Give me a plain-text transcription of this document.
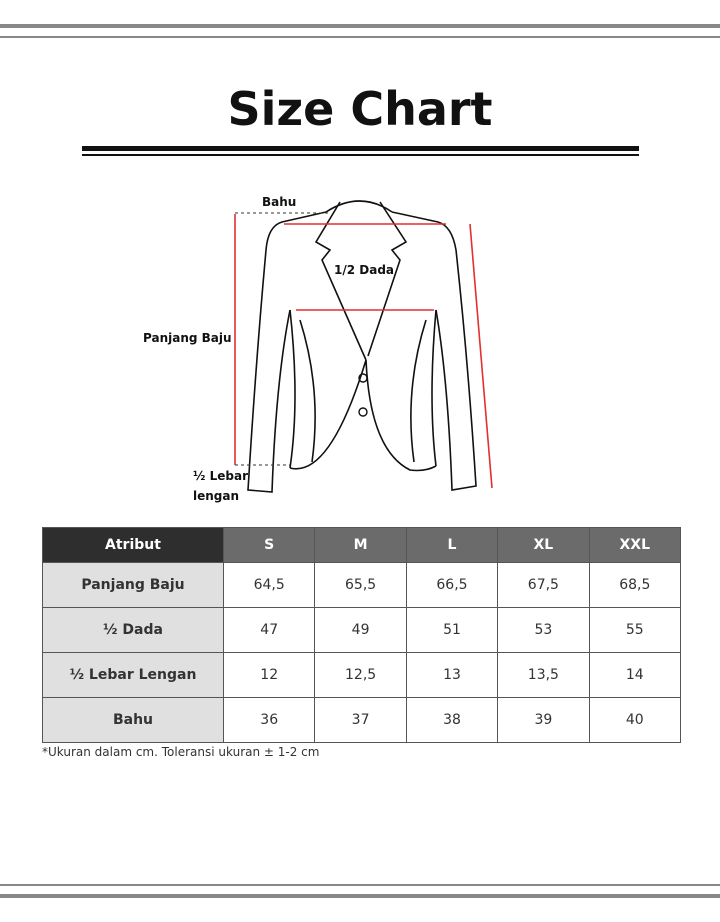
Size Chart
Bahu
1/2 Dada
Panjang Baju
½ Lebar
lengan
Atribut	S	M	L	XL	XXL
Panjang Baju	64,5	65,5	66,5	67,5	68,5
½ Dada	47	49	51	53	55
½ Lebar Lengan	12	12,5	13	13,5	14
Bahu	36	37	38	39	40
*Ukuran dalam cm. Toleransi ukuran ± 1-2 cm
